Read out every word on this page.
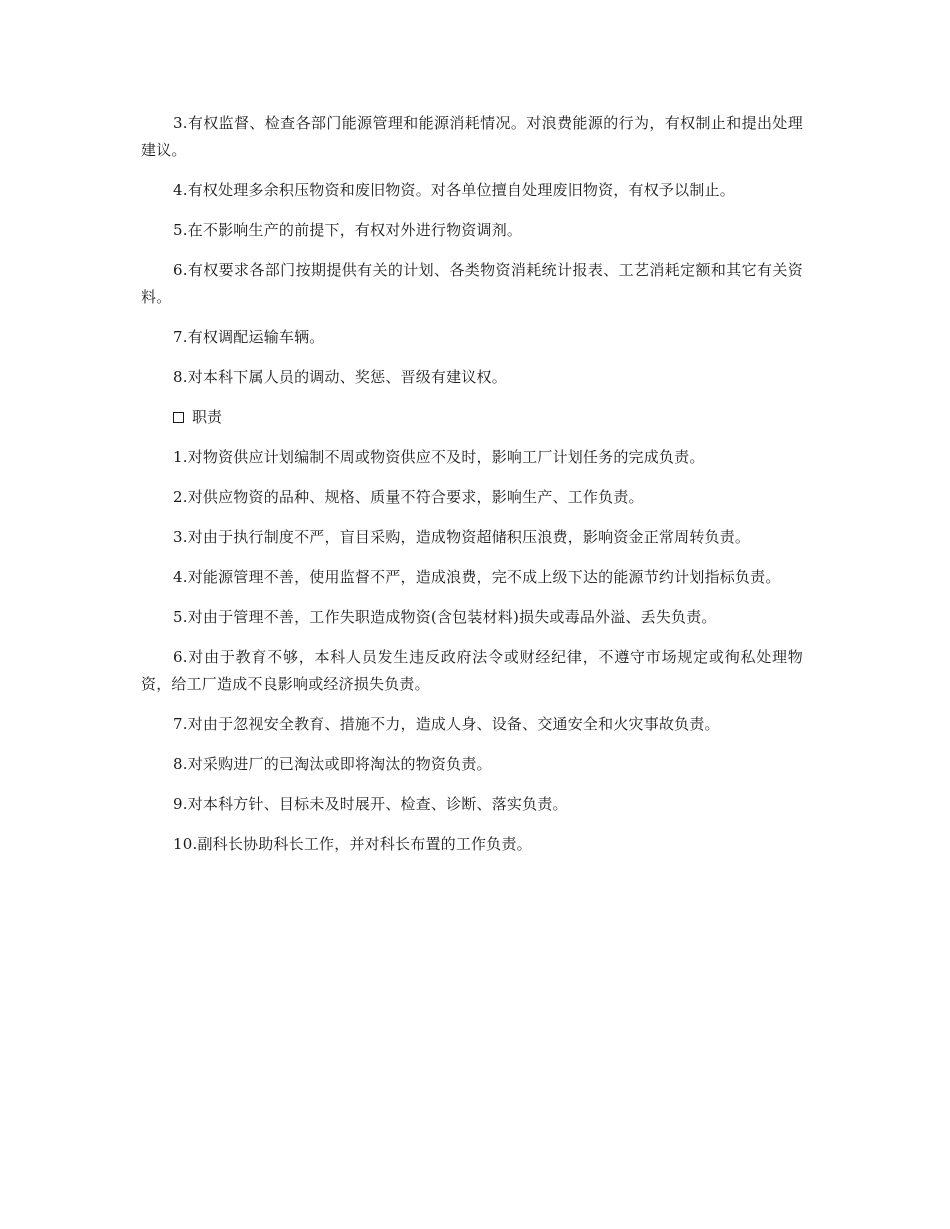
3.有权监督、检查各部门能源管理和能源消耗情况。对浪费能源的行为，有权制止和提出处理建议。

4.有权处理多余积压物资和废旧物资。对各单位擅自处理废旧物资，有权予以制止。

5.在不影响生产的前提下，有权对外进行物资调剂。

6.有权要求各部门按期提供有关的计划、各类物资消耗统计报表、工艺消耗定额和其它有关资料。

7.有权调配运输车辆。

8.对本科下属人员的调动、奖惩、晋级有建议权。

职责

1.对物资供应计划编制不周或物资供应不及时，影响工厂计划任务的完成负责。

2.对供应物资的品种、规格、质量不符合要求，影响生产、工作负责。

3.对由于执行制度不严，盲目采购，造成物资超储积压浪费，影响资金正常周转负责。

4.对能源管理不善，使用监督不严，造成浪费，完不成上级下达的能源节约计划指标负责。

5.对由于管理不善，工作失职造成物资(含包装材料)损失或毒品外溢、丢失负责。

6.对由于教育不够，本科人员发生违反政府法令或财经纪律，不遵守市场规定或徇私处理物资，给工厂造成不良影响或经济损失负责。

7.对由于忽视安全教育、措施不力，造成人身、设备、交通安全和火灾事故负责。

8.对采购进厂的已淘汰或即将淘汰的物资负责。

9.对本科方针、目标未及时展开、检查、诊断、落实负责。

10.副科长协助科长工作，并对科长布置的工作负责。
